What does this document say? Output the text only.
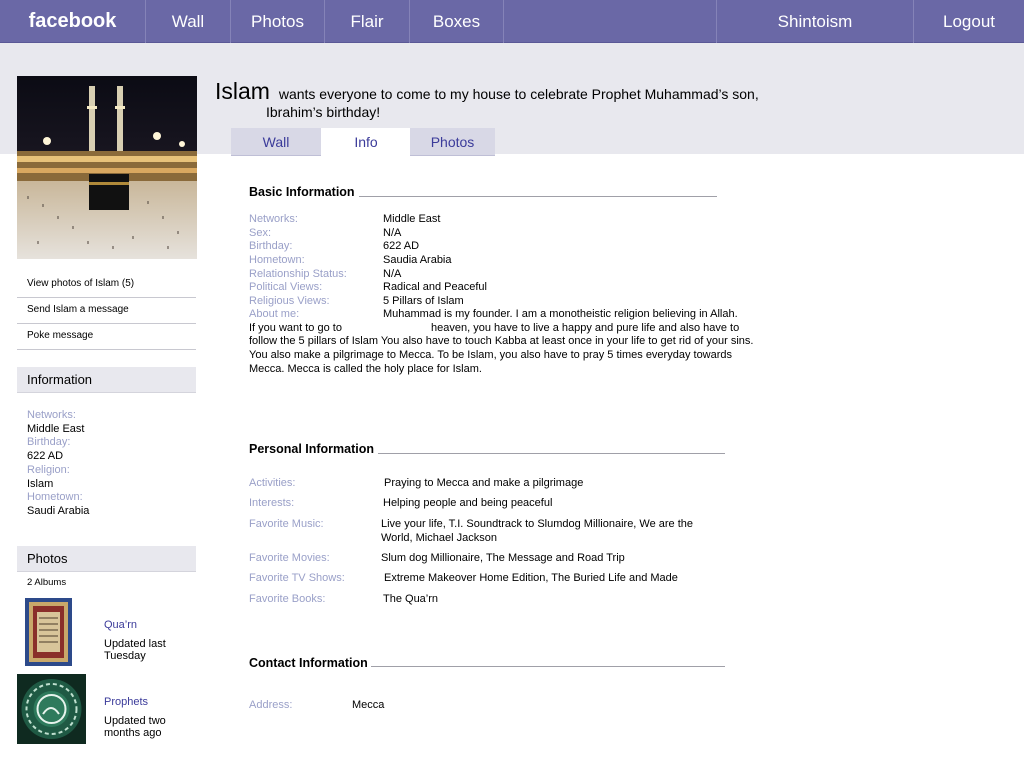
facebook	Wall	Photos	Flair	Boxes	Shintoism	Logout
View photos of Islam (5)
Send Islam a message
Poke message
Information
Networks:
Middle East
Birthday:
622 AD
Religion:
Islam
Hometown:
Saudi Arabia
Photos
2 Albums
Qua’rn
Updated last Tuesday
Prophets
Updated two months ago
Islam wants everyone to come to my house to celebrate Prophet Muhammad’s son,
Ibrahim’s birthday!
Wall	Info	Photos
Basic Information
Networks:	Middle East
Sex:	N/A
Birthday:	622 AD
Hometown:	Saudia Arabia
Relationship Status:	N/A
Political Views:	Radical and Peaceful
Religious Views:	5 Pillars of Islam
About me:	Muhammad is my founder. I am a monotheistic religion believing in Allah.
If you want to go to	heaven, you have to live a happy and pure life and also have to follow the 5 pillars of Islam You also have to touch Kabba at least once in your life to get rid of your sins. You also make a pilgrimage to Mecca. To be Islam, you also have to pray 5 times everyday towards Mecca. Mecca is called the holy place for Islam.
Personal Information
Activities:	Praying to Mecca and make a pilgrimage
Interests:	Helping people and being peaceful
Favorite Music:	Live your life, T.I. Soundtrack to Slumdog Millionaire, We are the World, Michael Jackson
Favorite Movies:	Slum dog Millionaire, The Message and Road Trip
Favorite TV Shows:	Extreme Makeover Home Edition, The Buried Life and Made
Favorite Books:	The Qua’rn
Contact Information
Address:	Mecca
